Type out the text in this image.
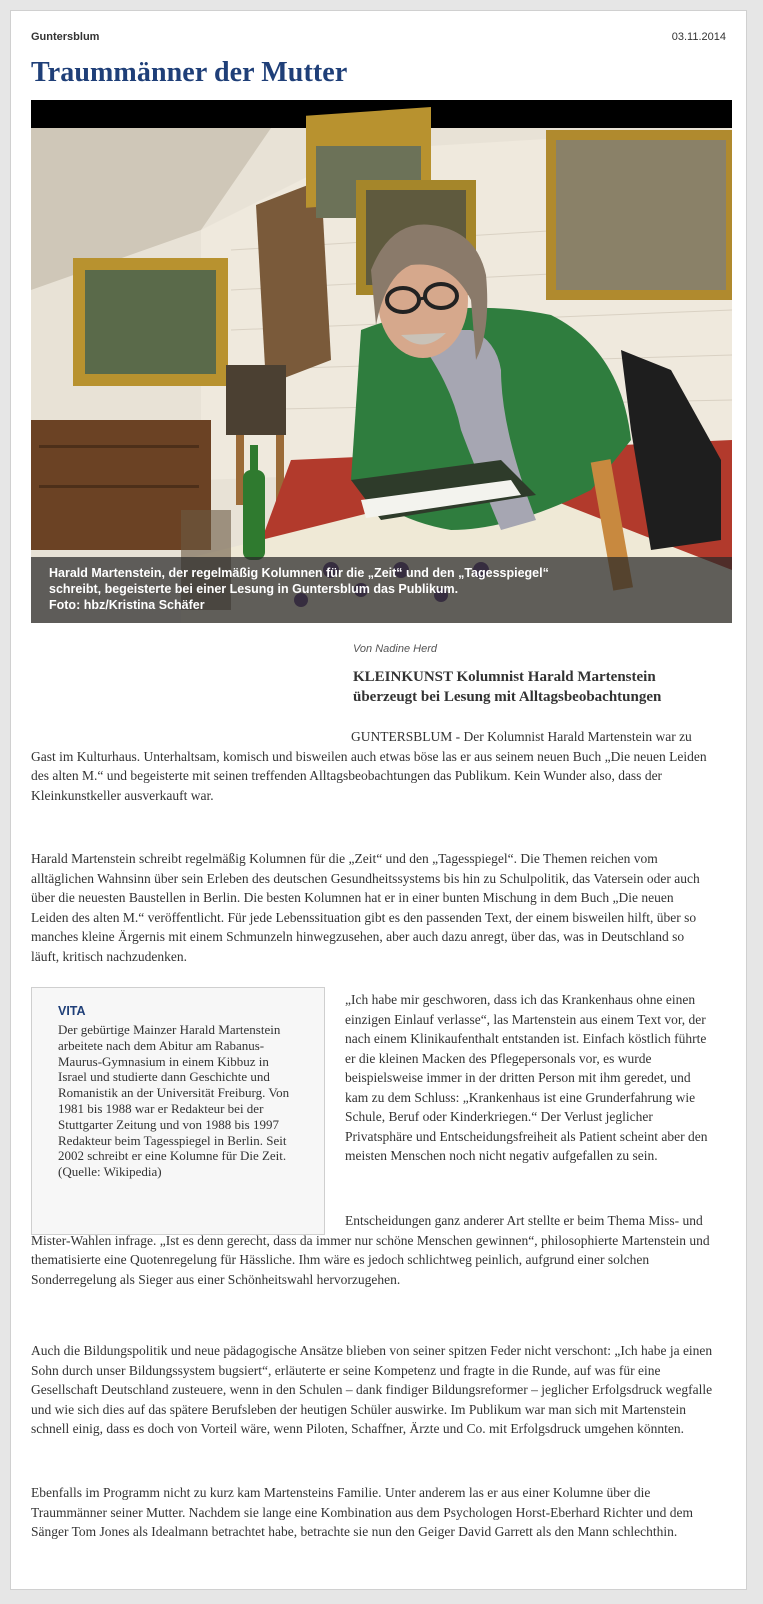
Guntersblum	03.11.2014
Traummänner der Mutter
Harald Martenstein, der regelmäßig Kolumnen für die „Zeit“ und den „Tagesspiegel“
schreibt, begeisterte bei einer Lesung in Guntersblum das Publikum.
Foto: hbz/Kristina Schäfer
Von Nadine Herd
KLEINKUNST Kolumnist Harald Martenstein überzeugt bei Lesung mit Alltagsbeobachtungen
GUNTERSBLUM - Der Kolumnist Harald Martenstein war zu Gast im Kulturhaus. Unterhaltsam, komisch und bisweilen auch etwas böse las er aus seinem neuen Buch „Die neuen Leiden des alten M.“ und begeisterte mit seinen treffenden Alltagsbeobachtungen das Publikum. Kein Wunder also, dass der Kleinkunstkeller ausverkauft war.
Harald Martenstein schreibt regelmäßig Kolumnen für die „Zeit“ und den „Tagesspiegel“. Die Themen reichen vom alltäglichen Wahnsinn über sein Erleben des deutschen Gesundheitssystems bis hin zu Schulpolitik, das Vatersein oder auch über die neuesten Baustellen in Berlin. Die besten Kolumnen hat er in einer bunten Mischung in dem Buch „Die neuen Leiden des alten M.“ veröffentlicht. Für jede Lebenssituation gibt es den passenden Text, der einem bisweilen hilft, über so manches kleine Ärgernis mit einem Schmunzeln hinwegzusehen, aber auch dazu anregt, über das, was in Deutschland so läuft, kritisch nachzudenken.
VITA

Der gebürtige Mainzer Harald Martenstein arbeitete nach dem Abitur am Rabanus-Maurus-Gymnasium in einem Kibbuz in Israel und studierte dann Geschichte und Romanistik an der Universität Freiburg. Von 1981 bis 1988 war er Redakteur bei der Stuttgarter Zeitung und von 1988 bis 1997 Redakteur beim Tagesspiegel in Berlin. Seit 2002 schreibt er eine Kolumne für Die Zeit. (Quelle: Wikipedia)

„Ich habe mir geschworen, dass ich das Krankenhaus ohne einen einzigen Einlauf verlasse“, las Martenstein aus einem Text vor, der nach einem Klinikaufenthalt entstanden ist. Einfach köstlich führte er die kleinen Macken des Pflegepersonals vor, es wurde beispielsweise immer in der dritten Person mit ihm geredet, und kam zu dem Schluss: „Krankenhaus ist eine Grunderfahrung wie Schule, Beruf oder Kinderkriegen.“ Der Verlust jeglicher Privatsphäre und Entscheidungsfreiheit als Patient scheint aber den meisten Menschen noch nicht negativ aufgefallen zu sein.
Entscheidungen ganz anderer Art stellte er beim Thema Miss- und Mister-Wahlen infrage. „Ist es denn gerecht, dass da immer nur schöne Menschen gewinnen“, philosophierte Martenstein und thematisierte eine Quotenregelung für Hässliche. Ihm wäre es jedoch schlichtweg peinlich, aufgrund einer solchen Sonderregelung als Sieger aus einer Schönheitswahl hervorzugehen.
Auch die Bildungspolitik und neue pädagogische Ansätze blieben von seiner spitzen Feder nicht verschont: „Ich habe ja einen Sohn durch unser Bildungssystem bugsiert“, erläuterte er seine Kompetenz und fragte in die Runde, auf was für eine Gesellschaft Deutschland zusteuere, wenn in den Schulen – dank findiger Bildungsreformer – jeglicher Erfolgsdruck wegfalle und wie sich dies auf das spätere Berufsleben der heutigen Schüler auswirke. Im Publikum war man sich mit Martenstein schnell einig, dass es doch von Vorteil wäre, wenn Piloten, Schaffner, Ärzte und Co. mit Erfolgsdruck umgehen könnten.
Ebenfalls im Programm nicht zu kurz kam Martensteins Familie. Unter anderem las er aus einer Kolumne über die Traummänner seiner Mutter. Nachdem sie lange eine Kombination aus dem Psychologen Horst-Eberhard Richter und dem Sänger Tom Jones als Idealmann betrachtet habe, betrachte sie nun den Geiger David Garrett als den Mann schlechthin.
